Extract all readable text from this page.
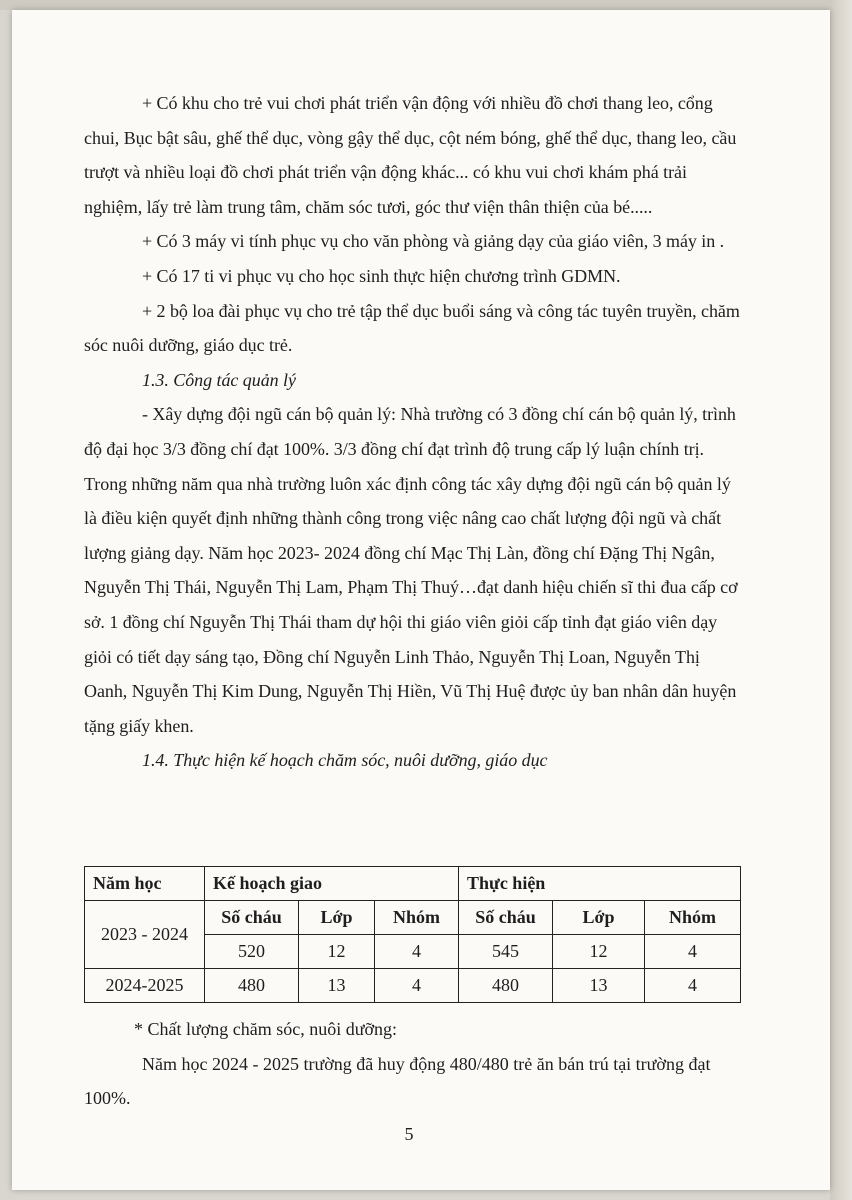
+ Có khu cho trẻ vui chơi phát triển vận động với nhiều đồ chơi thang leo, cổng chui, Bục bật sâu, ghế thể dục, vòng gậy thể dục, cột ném bóng, ghế thể dục, thang leo, cầu trượt và nhiều loại đồ chơi phát triển vận động khác... có khu vui chơi khám phá trải nghiệm, lấy trẻ làm trung tâm, chăm sóc tươi, góc thư viện thân thiện của bé.....

+ Có 3 máy vi tính phục vụ cho văn phòng và giảng dạy của giáo viên, 3 máy in .

+ Có 17 ti vi phục vụ cho học sinh thực hiện chương trình GDMN.

+ 2 bộ loa đài phục vụ cho trẻ tập thể dục buổi sáng và công tác tuyên truyền, chăm sóc nuôi dưỡng, giáo dục trẻ.

1.3. Công tác quản lý

- Xây dựng đội ngũ cán bộ quản lý: Nhà trường có 3 đồng chí cán bộ quản lý, trình độ đại học 3/3 đồng chí đạt 100%. 3/3 đồng chí đạt trình độ trung cấp lý luận chính trị. Trong những năm qua nhà trường luôn xác định công tác xây dựng đội ngũ cán bộ quản lý là điều kiện quyết định những thành công trong việc nâng cao chất lượng đội ngũ và chất lượng giảng dạy. Năm học 2023- 2024 đồng chí Mạc Thị Làn, đồng chí Đặng Thị Ngân, Nguyễn Thị Thái, Nguyễn Thị Lam, Phạm Thị Thuý…đạt danh hiệu chiến sĩ thi đua cấp cơ sở. 1 đồng chí Nguyễn Thị Thái tham dự hội thi giáo viên giỏi cấp tỉnh đạt giáo viên dạy giỏi có tiết dạy sáng tạo, Đồng chí Nguyễn Linh Thảo, Nguyễn Thị Loan, Nguyễn Thị Oanh, Nguyễn Thị Kim Dung, Nguyễn Thị Hiền, Vũ Thị Huệ được ủy ban nhân dân huyện tặng giấy khen.

1.4. Thực hiện kế hoạch chăm sóc, nuôi dưỡng, giáo dục

Năm học	Kế hoạch giao			Thực hiện		
2023 - 2024	Số cháu	Lớp	Nhóm	Số cháu	Lớp	Nhóm
	520	12	4	545	12	4
2024-2025	480	13	4	480	13	4

* Chất lượng chăm sóc, nuôi dưỡng:

Năm học 2024 - 2025 trường đã huy động 480/480 trẻ ăn bán trú tại trường đạt 100%.

5
